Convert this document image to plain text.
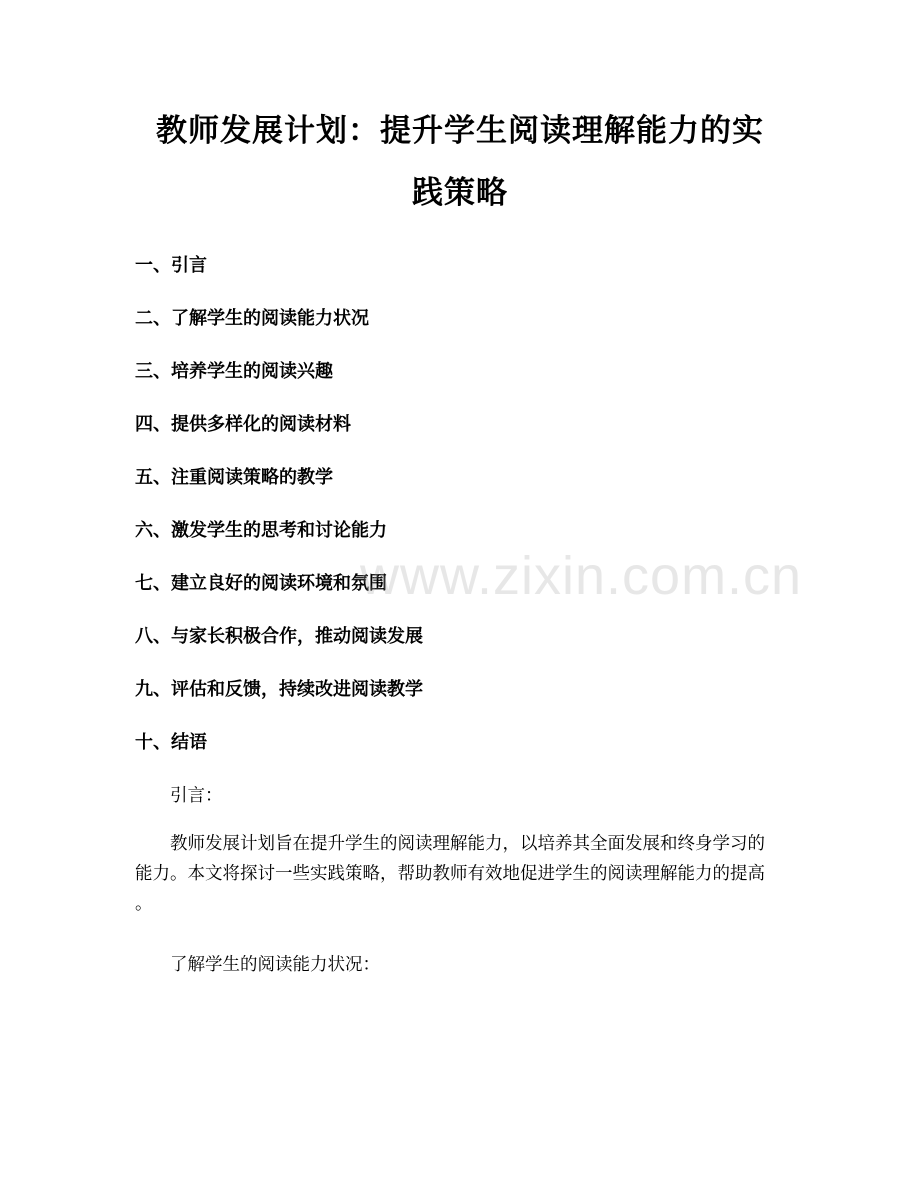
教师发展计划：提升学生阅读理解能力的实
践策略
一、引言
二、了解学生的阅读能力状况
三、培养学生的阅读兴趣
四、提供多样化的阅读材料
五、注重阅读策略的教学
六、激发学生的思考和讨论能力
七、建立良好的阅读环境和氛围
八、与家长积极合作，推动阅读发展
九、评估和反馈，持续改进阅读教学
十、结语
引言：
教师发展计划旨在提升学生的阅读理解能力，以培养其全面发展和终身学习的
能力。本文将探讨一些实践策略，帮助教师有效地促进学生的阅读理解能力的提高
。
了解学生的阅读能力状况：
www.zixin.com.cn
